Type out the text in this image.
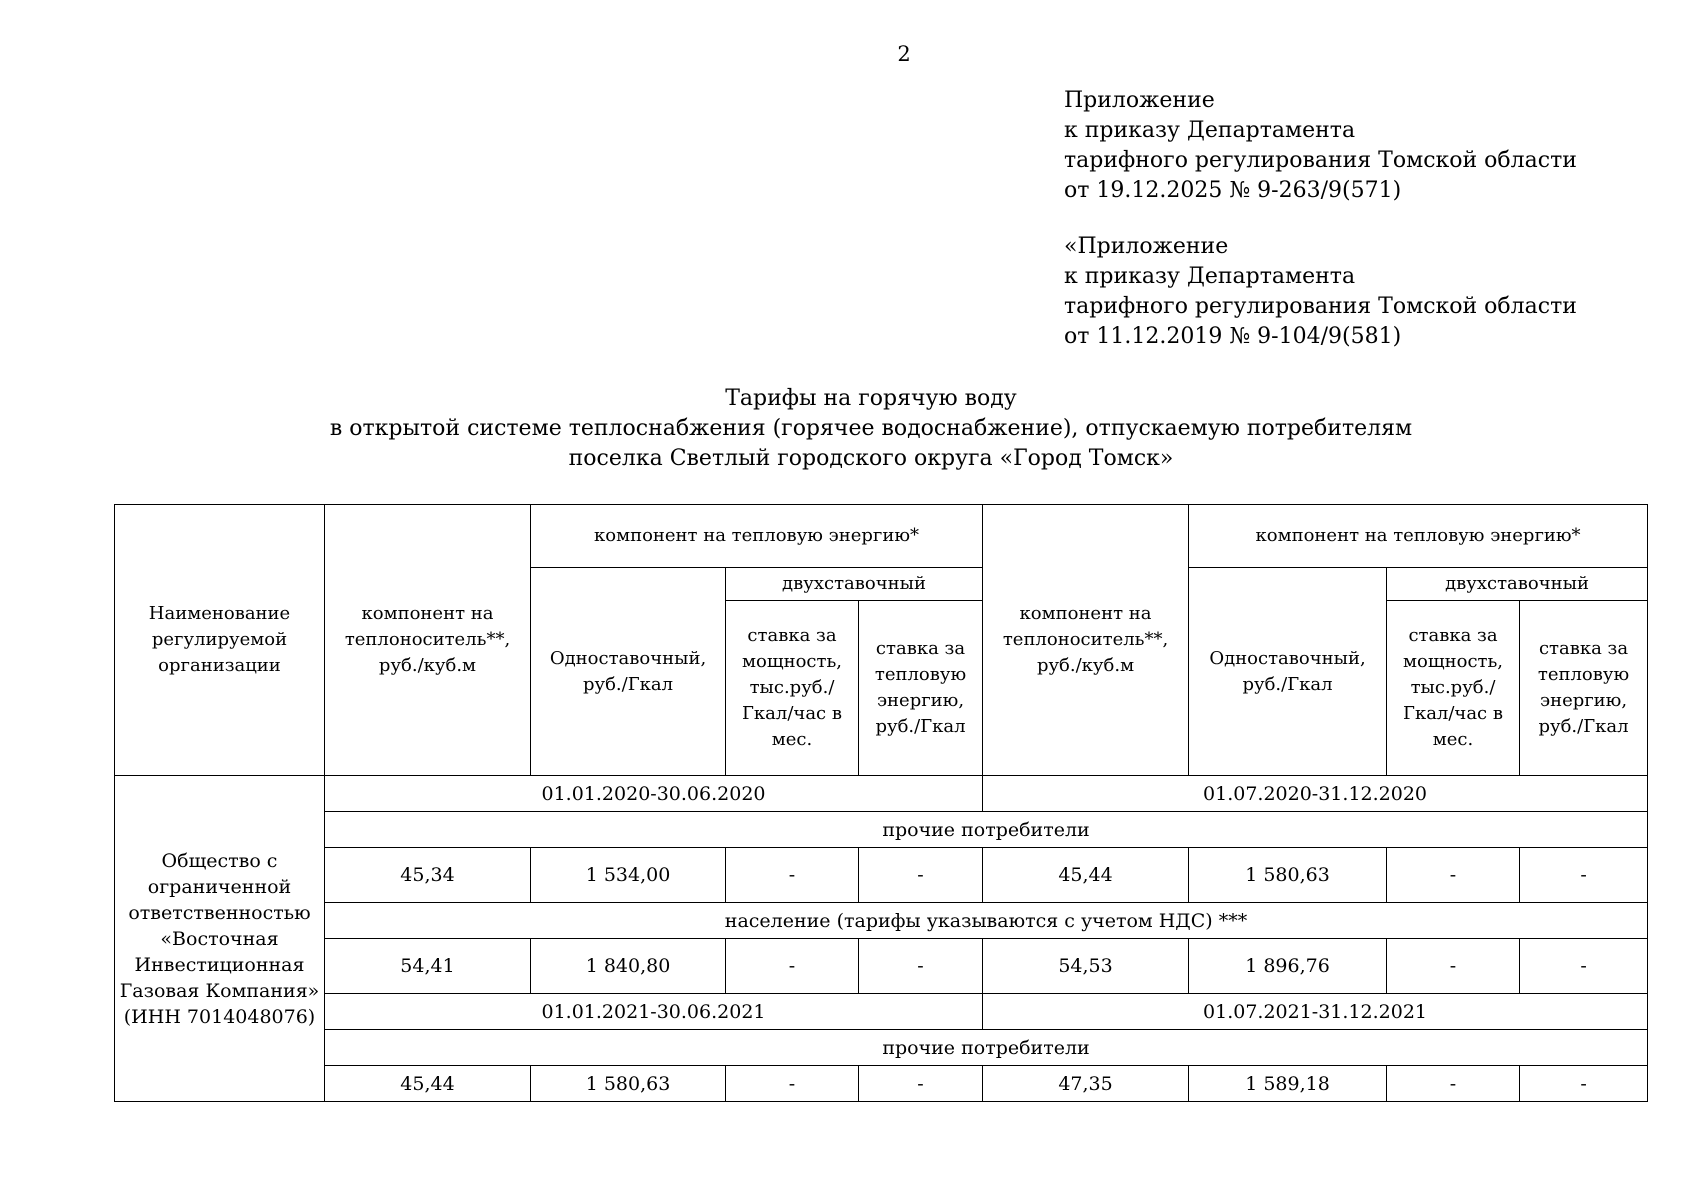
2
Приложение
к приказу Департамента
тарифного регулирования Томской области
от 19.12.2025 № 9-263/9(571)
«Приложение
к приказу Департамента
тарифного регулирования Томской области
от 11.12.2019 № 9-104/9(581)
Тарифы на горячую воду
в открытой системе теплоснабжения (горячее водоснабжение), отпускаемую потребителям
поселка Светлый городского округа «Город Томск»
Наименование регулируемой организации	компонент на теплоноситель**, руб./куб.м	компонент на тепловую энергию*			компонент на теплоноситель**, руб./куб.м	компонент на тепловую энергию*		
		Одноставочный, руб./Гкал	двухставочный			Одноставочный, руб./Гкал	двухставочный	
			ставка за мощность, тыс.руб./ Гкал/час в мес.	ставка за тепловую энергию, руб./Гкал			ставка за мощность, тыс.руб./ Гкал/час в мес.	ставка за тепловую энергию, руб./Гкал
Общество с ограниченной ответственностью «Восточная Инвестиционная Газовая Компания» (ИНН 7014048076)	01.01.2020-30.06.2020				01.07.2020-31.12.2020			
	прочие потребители							
	45,34	1 534,00	-	-	45,44	1 580,63	-	-
	население (тарифы указываются с учетом НДС) ***							
	54,41	1 840,80	-	-	54,53	1 896,76	-	-
	01.01.2021-30.06.2021				01.07.2021-31.12.2021			
	прочие потребители							
	45,44	1 580,63	-	-	47,35	1 589,18	-	-
